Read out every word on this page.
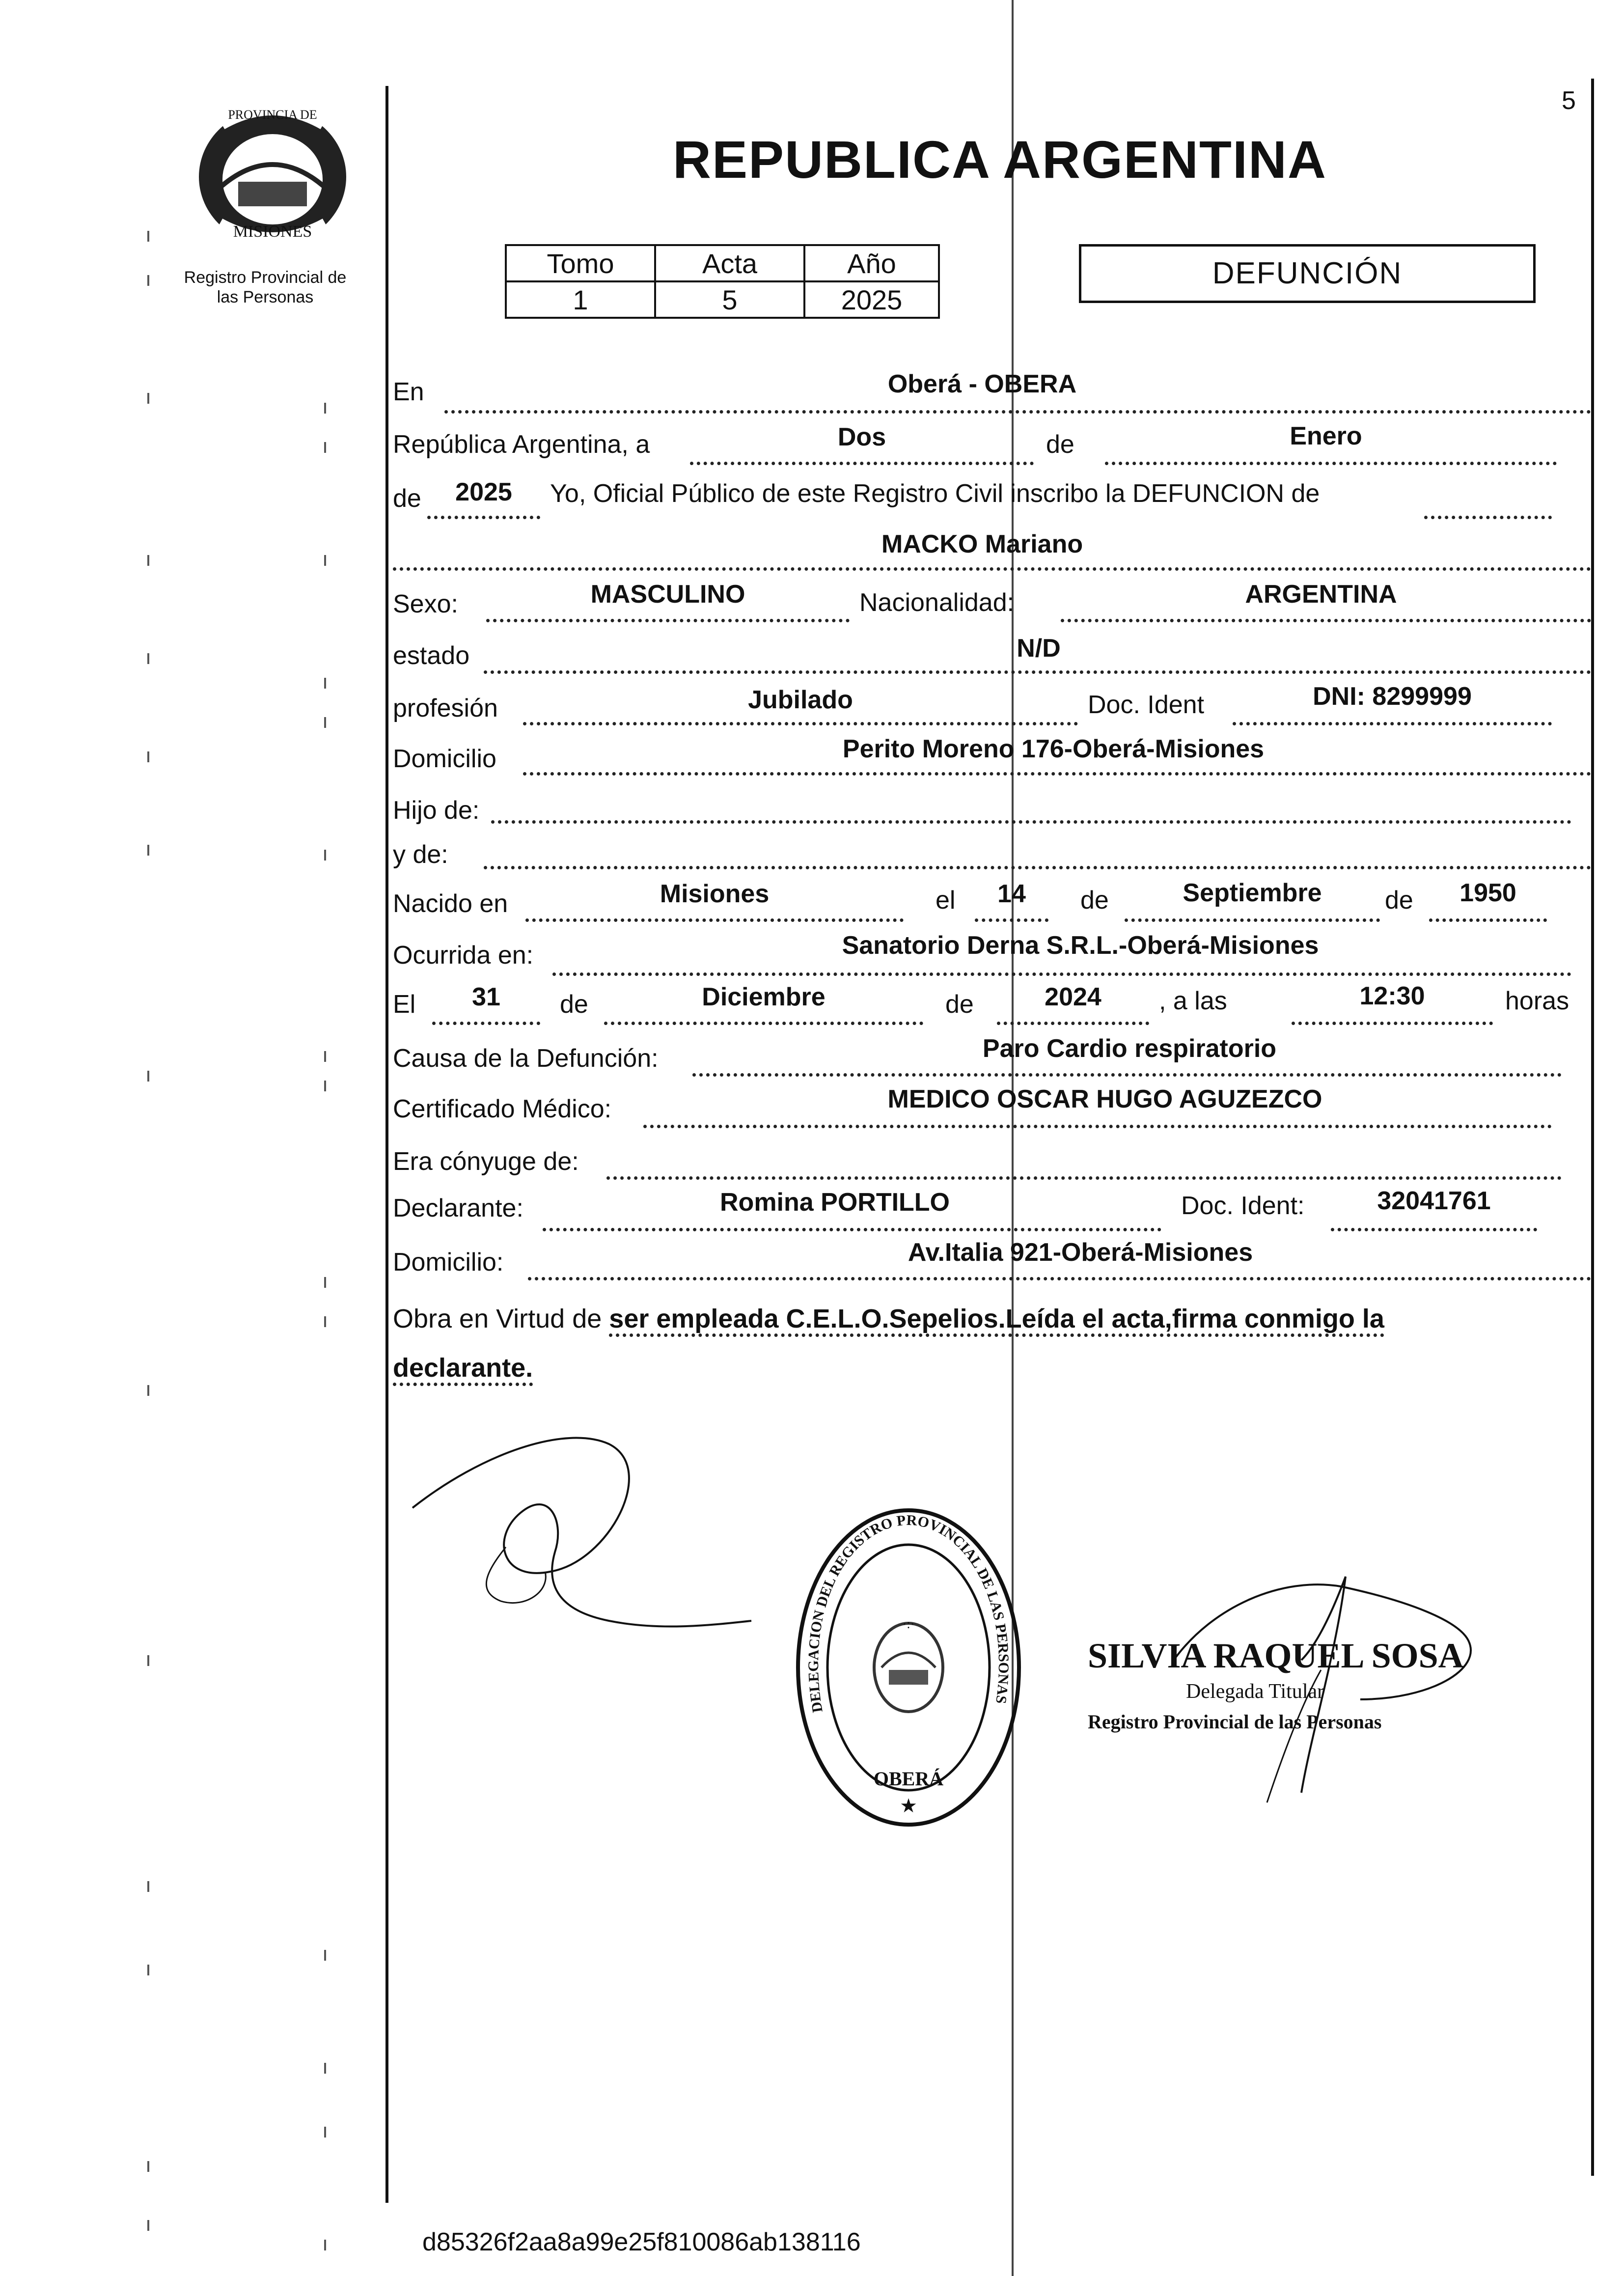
PROVINCIA DE
MISIONES
Registro Provincial de
las Personas
5
REPUBLICA ARGENTINA
Tomo	Acta	Año
1	5	2025
DEFUNCIÓN
En	Oberá - OBERA
República Argentina, a	Dos	de	Enero
de	2025	Yo, Oficial Público de este Registro Civil inscribo la DEFUNCION de
MACKO Mariano
Sexo:	MASCULINO	Nacionalidad:	ARGENTINA
estado	N/D
profesión	Jubilado	Doc. Ident	DNI: 8299999
Domicilio	Perito Moreno 176-Oberá-Misiones
Hijo de:
y de:
Nacido en	Misiones	el	14	de	Septiembre	de	1950
Ocurrida en:	Sanatorio Derna S.R.L.-Oberá-Misiones
El	31	de	Diciembre	de	2024	, a las	12:30	horas
Causa de la Defunción:	Paro Cardio respiratorio
Certificado Médico:	MEDICO OSCAR HUGO AGUZEZCO
Era cónyuge de:
Declarante:	Romina PORTILLO	Doc. Ident:	32041761
Domicilio:	Av.Italia 921-Oberá-Misiones
Obra en Virtud de ser empleada C.E.L.O.Sepelios.Leída el acta,firma conmigo la
declarante.
·:·
OBERÁ
★
DELEGACION DEL REGISTRO PROVINCIAL DE LAS PERSONAS
SILVIA RAQUEL SOSA
Delegada Titular
Registro Provincial de las Personas
d85326f2aa8a99e25f810086ab138116
